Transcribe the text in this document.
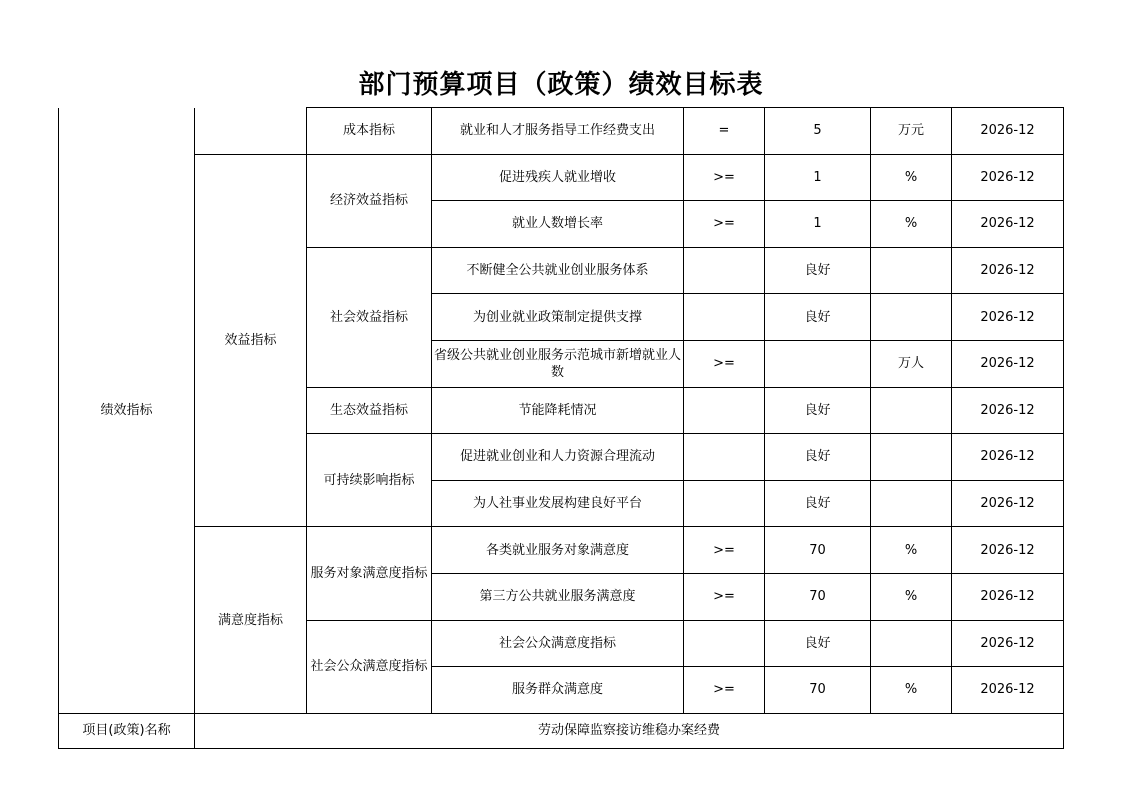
部门预算项目（政策）绩效目标表
绩效指标		成本指标	就业和人才服务指导工作经费支出	=	5	万元	2026-12
	效益指标	经济效益指标	促进残疾人就业增收	>=	1	%	2026-12
			就业人数增长率	>=	1	%	2026-12
		社会效益指标	不断健全公共就业创业服务体系		良好		2026-12
			为创业就业政策制定提供支撑		良好		2026-12
			省级公共就业创业服务示范城市新增就业人数	>=		万人	2026-12
		生态效益指标	节能降耗情况		良好		2026-12
		可持续影响指标	促进就业创业和人力资源合理流动		良好		2026-12
			为人社事业发展构建良好平台		良好		2026-12
	满意度指标	服务对象满意度指标	各类就业服务对象满意度	>=	70	%	2026-12
			第三方公共就业服务满意度	>=	70	%	2026-12
		社会公众满意度指标	社会公众满意度指标		良好		2026-12
			服务群众满意度	>=	70	%	2026-12
项目(政策)名称	劳动保障监察接访维稳办案经费						
